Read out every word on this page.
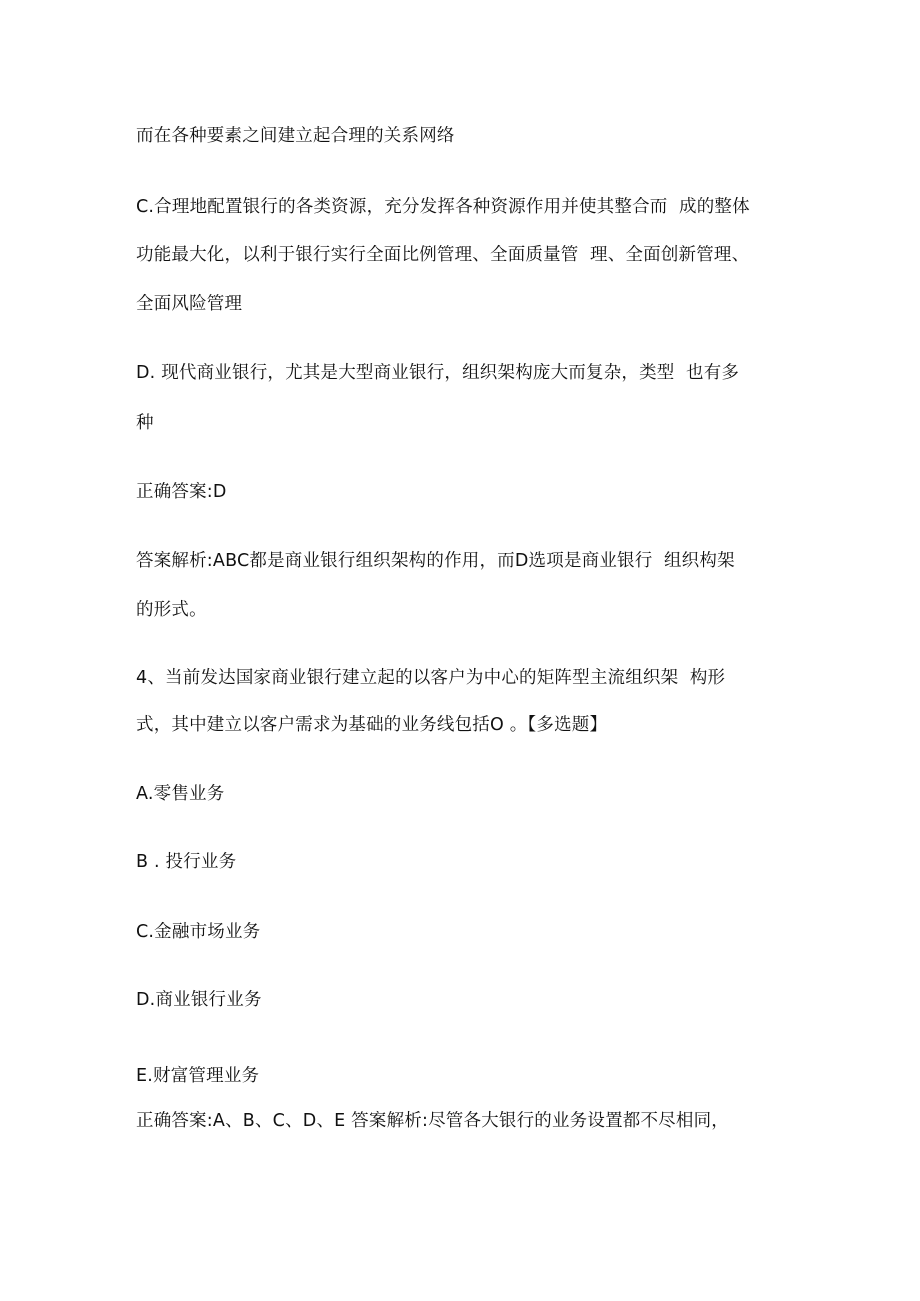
而在各种要素之间建立起合理的关系网络
C.合理地配置银行的各类资源，充分发挥各种资源作用并使其整合而  成的整体
功能最大化，以利于银行实行全面比例管理、全面质量管  理、全面创新管理、
全面风险管理
D. 现代商业银行，尤其是大型商业银行，组织架构庞大而复杂，类型  也有多
种
正确答案:D
答案解析:ABC都是商业银行组织架构的作用，而D选项是商业银行  组织构架
的形式。
4、当前发达国家商业银行建立起的以客户为中心的矩阵型主流组织架  构形
式，其中建立以客户需求为基础的业务线包括O 。【多选题】
A.零售业务
B . 投行业务
C.金融市场业务
D.商业银行业务
E.财富管理业务
正确答案:A、B、C、D、E 答案解析:尽管各大银行的业务设置都不尽相同，
